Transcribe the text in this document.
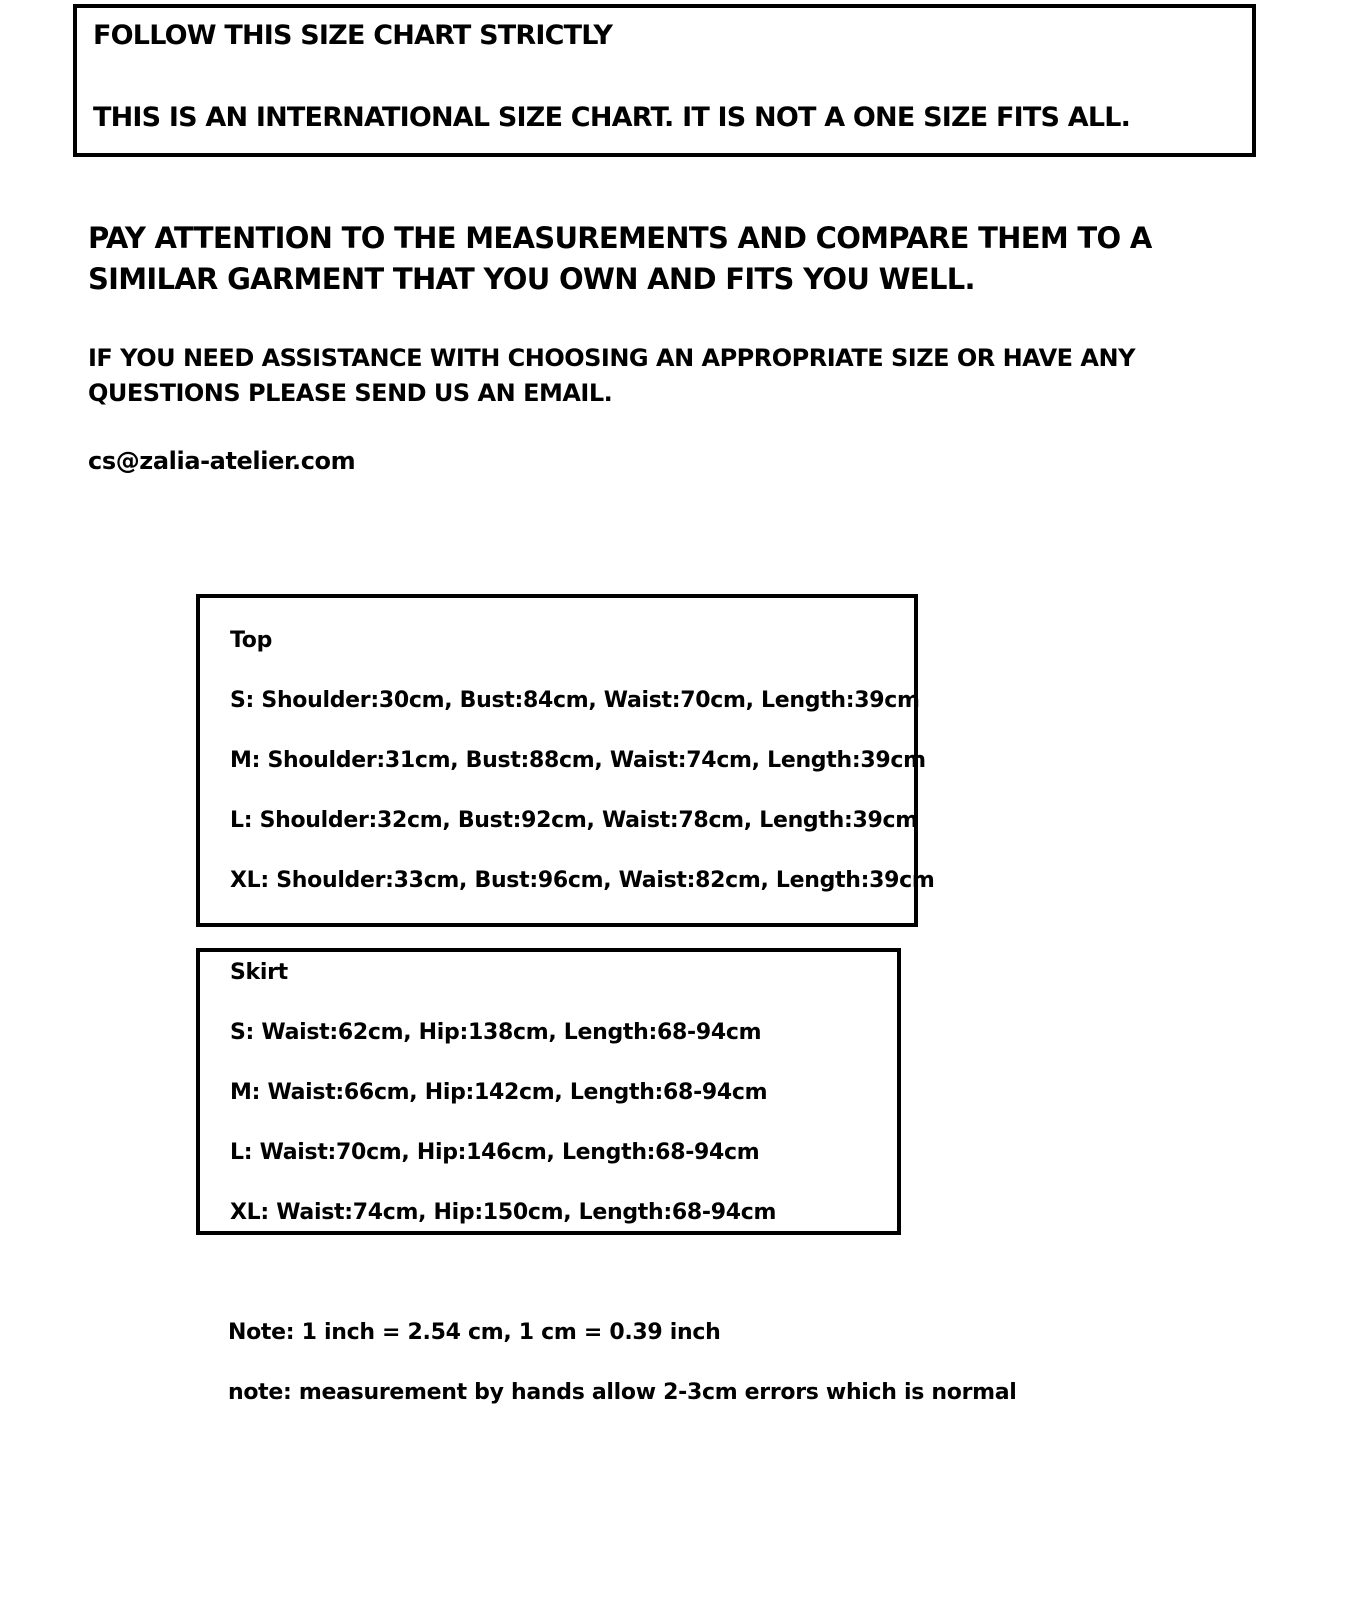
FOLLOW THIS SIZE CHART STRICTLY
THIS IS AN INTERNATIONAL SIZE CHART. IT IS NOT A ONE SIZE FITS ALL.
PAY ATTENTION TO THE MEASUREMENTS AND COMPARE THEM TO A
SIMILAR GARMENT THAT YOU OWN AND FITS YOU WELL.
IF YOU NEED ASSISTANCE WITH CHOOSING AN APPROPRIATE SIZE OR HAVE ANY
QUESTIONS PLEASE SEND US AN EMAIL.
cs@zalia-atelier.com
Top
S: Shoulder:30cm, Bust:84cm, Waist:70cm, Length:39cm
M: Shoulder:31cm, Bust:88cm, Waist:74cm, Length:39cm
L: Shoulder:32cm, Bust:92cm, Waist:78cm, Length:39cm
XL: Shoulder:33cm, Bust:96cm, Waist:82cm, Length:39cm
Skirt
S: Waist:62cm, Hip:138cm, Length:68-94cm
M: Waist:66cm, Hip:142cm, Length:68-94cm
L: Waist:70cm, Hip:146cm, Length:68-94cm
XL: Waist:74cm, Hip:150cm, Length:68-94cm
Note: 1 inch = 2.54 cm, 1 cm = 0.39 inch
note: measurement by hands allow 2-3cm errors which is normal
